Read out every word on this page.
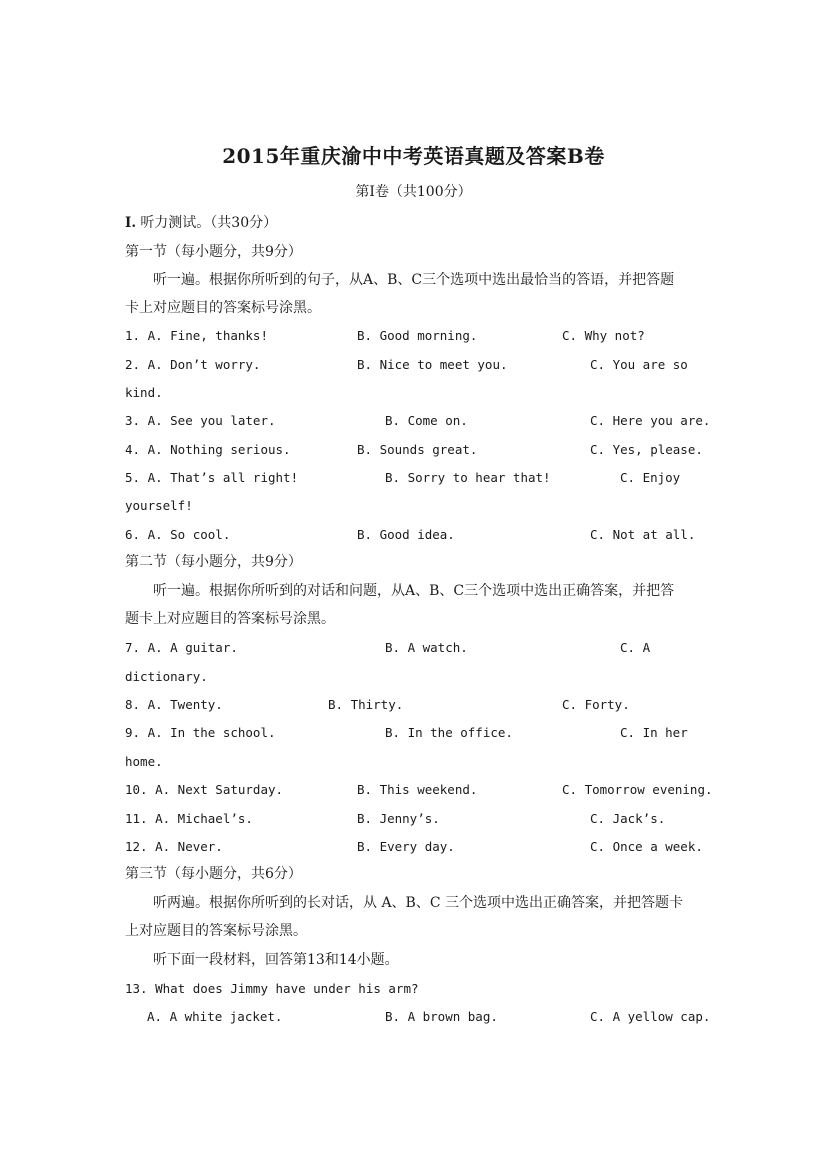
2015年重庆渝中中考英语真题及答案B卷
第Ⅰ卷（共100分）
I. 听力测试。（共30分）
第一节（每小题分，共9分）
听一遍。根据你所听到的句子，从A、B、C三个选项中选出最恰当的答语，并把答题
卡上对应题目的答案标号涂黑。
1. A. Fine, thanks!	B. Good morning.	C. Why not?
2. A. Don’t worry.	B. Nice to meet you.	C. You are so
kind.
3. A. See you later.	B. Come on.	C. Here you are.
4. A. Nothing serious.	B. Sounds great.	C. Yes, please.
5. A. That’s all right!	B. Sorry to hear that!	C. Enjoy
yourself!
6. A. So cool.	B. Good idea.	C. Not at all.
第二节（每小题分，共9分）
听一遍。根据你所听到的对话和问题，从A、B、C三个选项中选出正确答案，并把答
题卡上对应题目的答案标号涂黑。
7. A. A guitar.	B. A watch.	C. A
dictionary.
8. A. Twenty.	B. Thirty.	C. Forty.
9. A. In the school.	B. In the office.	C. In her
home.
10. A. Next Saturday.	B. This weekend.	C. Tomorrow evening.
11. A. Michael’s.	B. Jenny’s.	C. Jack’s.
12. A. Never.	B. Every day.	C. Once a week.
第三节（每小题分，共6分）
听两遍。根据你所听到的长对话，从 A、B、C 三个选项中选出正确答案，并把答题卡
上对应题目的答案标号涂黑。
听下面一段材料，回答第13和14小题。
13. What does Jimmy have under his arm?
A. A white jacket.	B. A brown bag.	C. A yellow cap.
